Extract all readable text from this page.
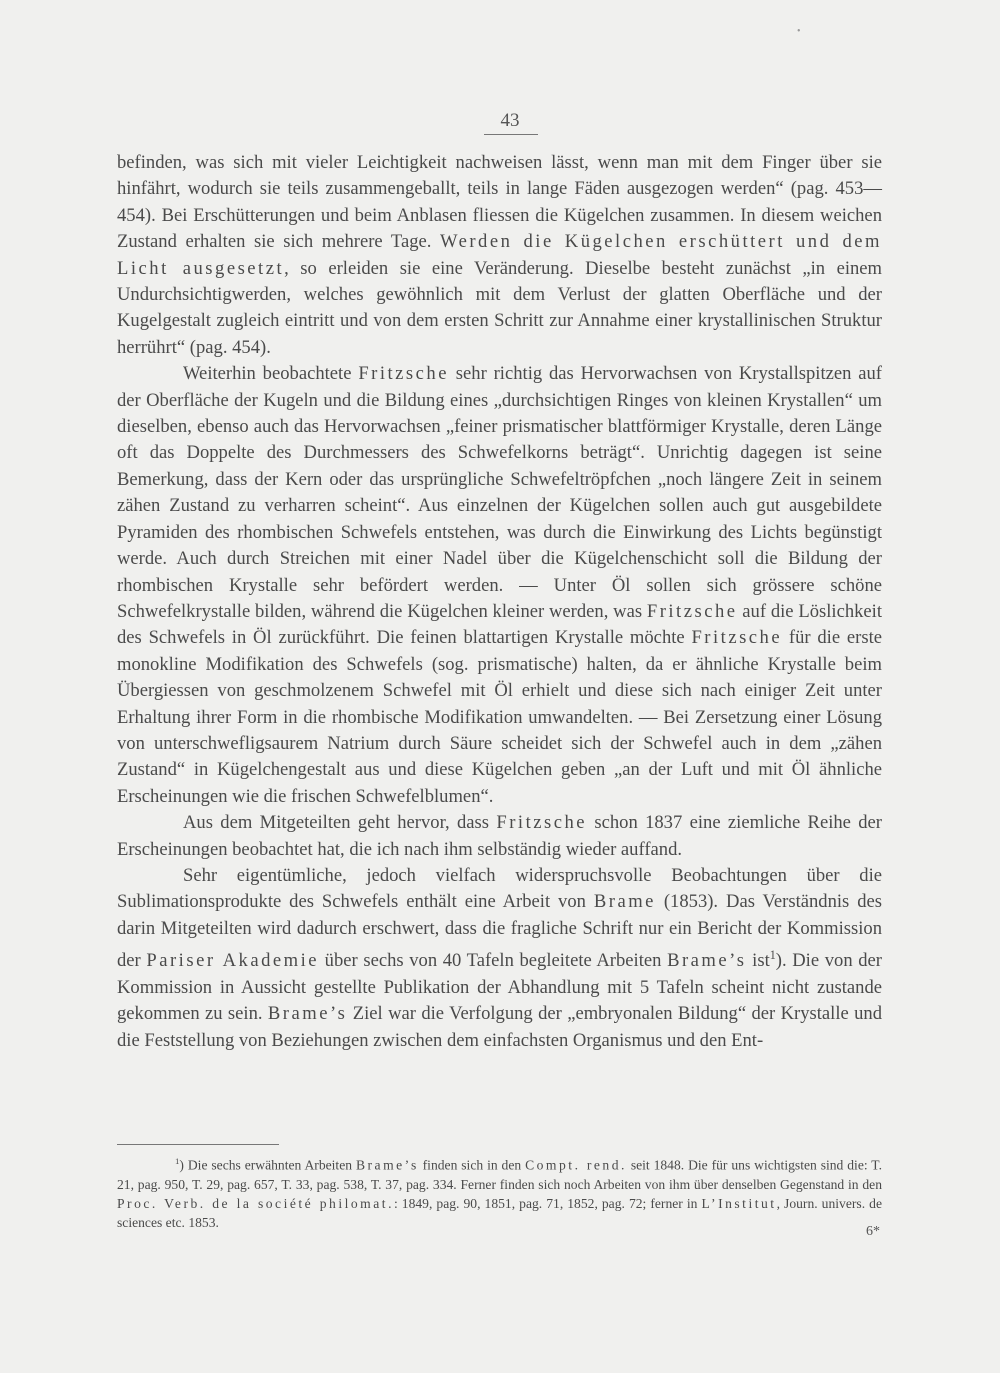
•
43

befinden, was sich mit vieler Leichtigkeit nachweisen lässt, wenn man mit dem Finger über sie hinfährt, wodurch sie teils zusammengeballt, teils in lange Fäden ausgezogen werden“ (pag. 453—454). Bei Erschütterungen und beim Anblasen fliessen die Kügelchen zusammen. In diesem weichen Zustand erhalten sie sich mehrere Tage. Werden die Kügelchen erschüttert und dem Licht ausgesetzt, so erleiden sie eine Veränderung. Dieselbe besteht zunächst „in einem Undurchsichtigwerden, welches gewöhnlich mit dem Verlust der glatten Oberfläche und der Kugelgestalt zugleich eintritt und von dem ersten Schritt zur Annahme einer krystallinischen Struktur herrührt“ (pag. 454).

Weiterhin beobachtete Fritzsche sehr richtig das Hervorwachsen von Krystallspitzen auf der Oberfläche der Kugeln und die Bildung eines „durchsichtigen Ringes von kleinen Krystallen“ um dieselben, ebenso auch das Hervorwachsen „feiner prismatischer blattförmiger Krystalle, deren Länge oft das Doppelte des Durchmessers des Schwefelkorns beträgt“. Unrichtig dagegen ist seine Bemerkung, dass der Kern oder das ursprüngliche Schwefeltröpfchen „noch längere Zeit in seinem zähen Zustand zu verharren scheint“. Aus einzelnen der Kügelchen sollen auch gut ausgebildete Pyramiden des rhombischen Schwefels entstehen, was durch die Einwirkung des Lichts begünstigt werde. Auch durch Streichen mit einer Nadel über die Kügelchenschicht soll die Bildung der rhombischen Krystalle sehr befördert werden. — Unter Öl sollen sich grössere schöne Schwefelkrystalle bilden, während die Kügelchen kleiner werden, was Fritzsche auf die Löslichkeit des Schwefels in Öl zurückführt. Die feinen blattartigen Krystalle möchte Fritzsche für die erste monokline Modifikation des Schwefels (sog. prismatische) halten, da er ähnliche Krystalle beim Übergiessen von geschmolzenem Schwefel mit Öl erhielt und diese sich nach einiger Zeit unter Erhaltung ihrer Form in die rhombische Modifikation umwandelten. — Bei Zersetzung einer Lösung von unterschwefligsaurem Natrium durch Säure scheidet sich der Schwefel auch in dem „zähen Zustand“ in Kügelchengestalt aus und diese Kügelchen geben „an der Luft und mit Öl ähnliche Erscheinungen wie die frischen Schwefelblumen“.

Aus dem Mitgeteilten geht hervor, dass Fritzsche schon 1837 eine ziemliche Reihe der Erscheinungen beobachtet hat, die ich nach ihm selbständig wieder auffand.

Sehr eigentümliche, jedoch vielfach widerspruchsvolle Beobachtungen über die Sublimationsprodukte des Schwefels enthält eine Arbeit von Brame (1853). Das Verständnis des darin Mitgeteilten wird dadurch erschwert, dass die fragliche Schrift nur ein Bericht der Kommission der Pariser Akademie über sechs von 40 Tafeln begleitete Arbeiten Brame’s ist$^1$). Die von der Kommission in Aussicht gestellte Publikation der Abhandlung mit 5 Tafeln scheint nicht zustande gekommen zu sein. Brame’s Ziel war die Verfolgung der „embryonalen Bildung“ der Krystalle und die Feststellung von Beziehungen zwischen dem einfachsten Organismus und den Ent-

$^1$) Die sechs erwähnten Arbeiten Brame’s finden sich in den Compt. rend. seit 1848. Die für uns wichtigsten sind die: T. 21, pag. 950, T. 29, pag. 657, T. 33, pag. 538, T. 37, pag. 334. Ferner finden sich noch Arbeiten von ihm über denselben Gegenstand in den Proc. Verb. de la société philomat.: 1849, pag. 90, 1851, pag. 71, 1852, pag. 72; ferner in L’Institut, Journ. univers. de sciences etc. 1853.

6*
